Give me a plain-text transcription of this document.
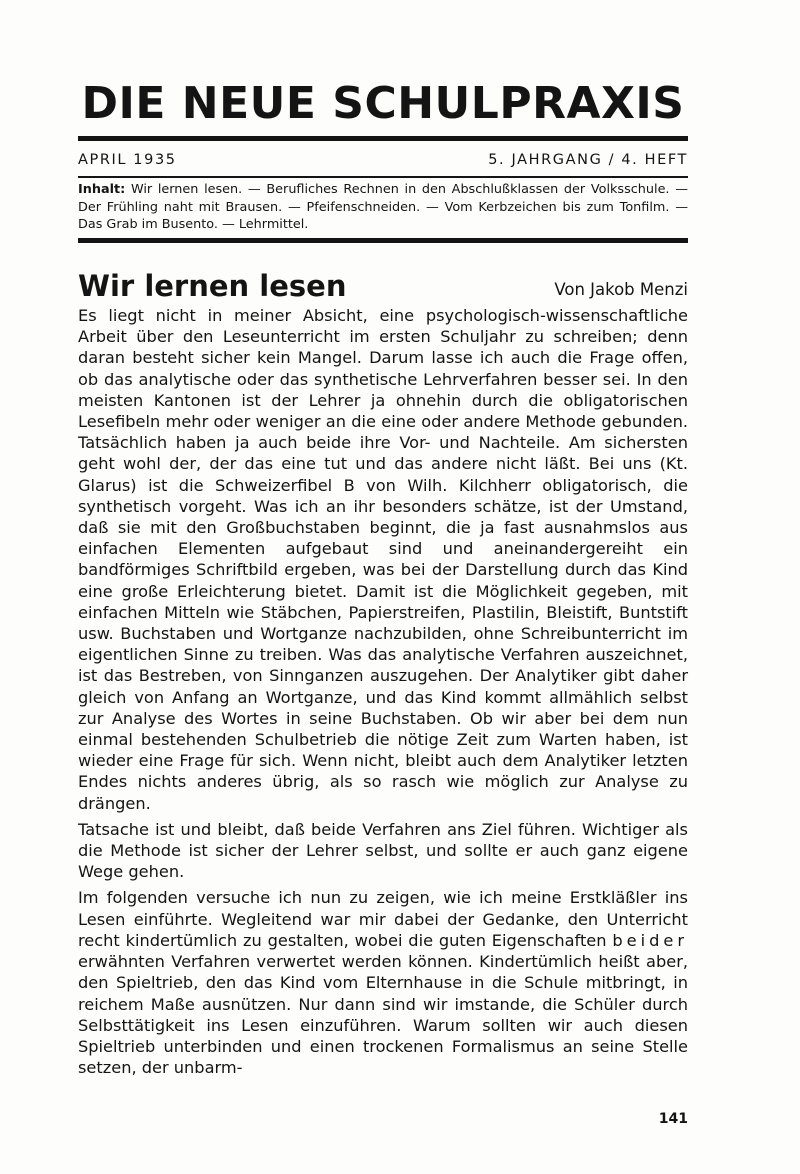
DIE NEUE SCHULPRAXIS
APRIL 1935	5. JAHRGANG / 4. HEFT
Inhalt: Wir lernen lesen. — Berufliches Rechnen in den Abschlußklassen der Volksschule. — Der Frühling naht mit Brausen. — Pfeifenschneiden. — Vom Kerbzeichen bis zum Tonfilm. — Das Grab im Busento. — Lehrmittel.
Wir lernen lesen	Von Jakob Menzi

Es liegt nicht in meiner Absicht, eine psychologisch-wissenschaftliche Arbeit über den Leseunterricht im ersten Schuljahr zu schreiben; denn daran besteht sicher kein Mangel. Darum lasse ich auch die Frage offen, ob das analytische oder das synthetische Lehrverfahren besser sei. In den meisten Kantonen ist der Lehrer ja ohnehin durch die obligatorischen Lesefibeln mehr oder weniger an die eine oder andere Methode gebunden. Tatsächlich haben ja auch beide ihre Vor- und Nachteile. Am sichersten geht wohl der, der das eine tut und das andere nicht läßt. Bei uns (Kt. Glarus) ist die Schweizerfibel B von Wilh. Kilchherr obligatorisch, die synthetisch vorgeht. Was ich an ihr besonders schätze, ist der Umstand, daß sie mit den Großbuchstaben beginnt, die ja fast ausnahmslos aus einfachen Elementen aufgebaut sind und aneinandergereiht ein bandförmiges Schriftbild ergeben, was bei der Darstellung durch das Kind eine große Erleichterung bietet. Damit ist die Möglichkeit gegeben, mit einfachen Mitteln wie Stäbchen, Papierstreifen, Plastilin, Bleistift, Buntstift usw. Buchstaben und Wortganze nachzubilden, ohne Schreibunterricht im eigentlichen Sinne zu treiben. Was das analytische Verfahren auszeichnet, ist das Bestreben, von Sinnganzen auszugehen. Der Analytiker gibt daher gleich von Anfang an Wortganze, und das Kind kommt allmählich selbst zur Analyse des Wortes in seine Buchstaben. Ob wir aber bei dem nun einmal bestehenden Schulbetrieb die nötige Zeit zum Warten haben, ist wieder eine Frage für sich. Wenn nicht, bleibt auch dem Analytiker letzten Endes nichts anderes übrig, als so rasch wie möglich zur Analyse zu drängen.

Tatsache ist und bleibt, daß beide Verfahren ans Ziel führen. Wichtiger als die Methode ist sicher der Lehrer selbst, und sollte er auch ganz eigene Wege gehen.

Im folgenden versuche ich nun zu zeigen, wie ich meine Erstkläßler ins Lesen einführte. Wegleitend war mir dabei der Gedanke, den Unterricht recht kindertümlich zu gestalten, wobei die guten Eigenschaften beider erwähnten Verfahren verwertet werden können. Kindertümlich heißt aber, den Spieltrieb, den das Kind vom Elternhause in die Schule mitbringt, in reichem Maße ausnützen. Nur dann sind wir imstande, die Schüler durch Selbsttätigkeit ins Lesen einzuführen. Warum sollten wir auch diesen Spieltrieb unterbinden und einen trockenen Formalismus an seine Stelle setzen, der unbarm-

141
